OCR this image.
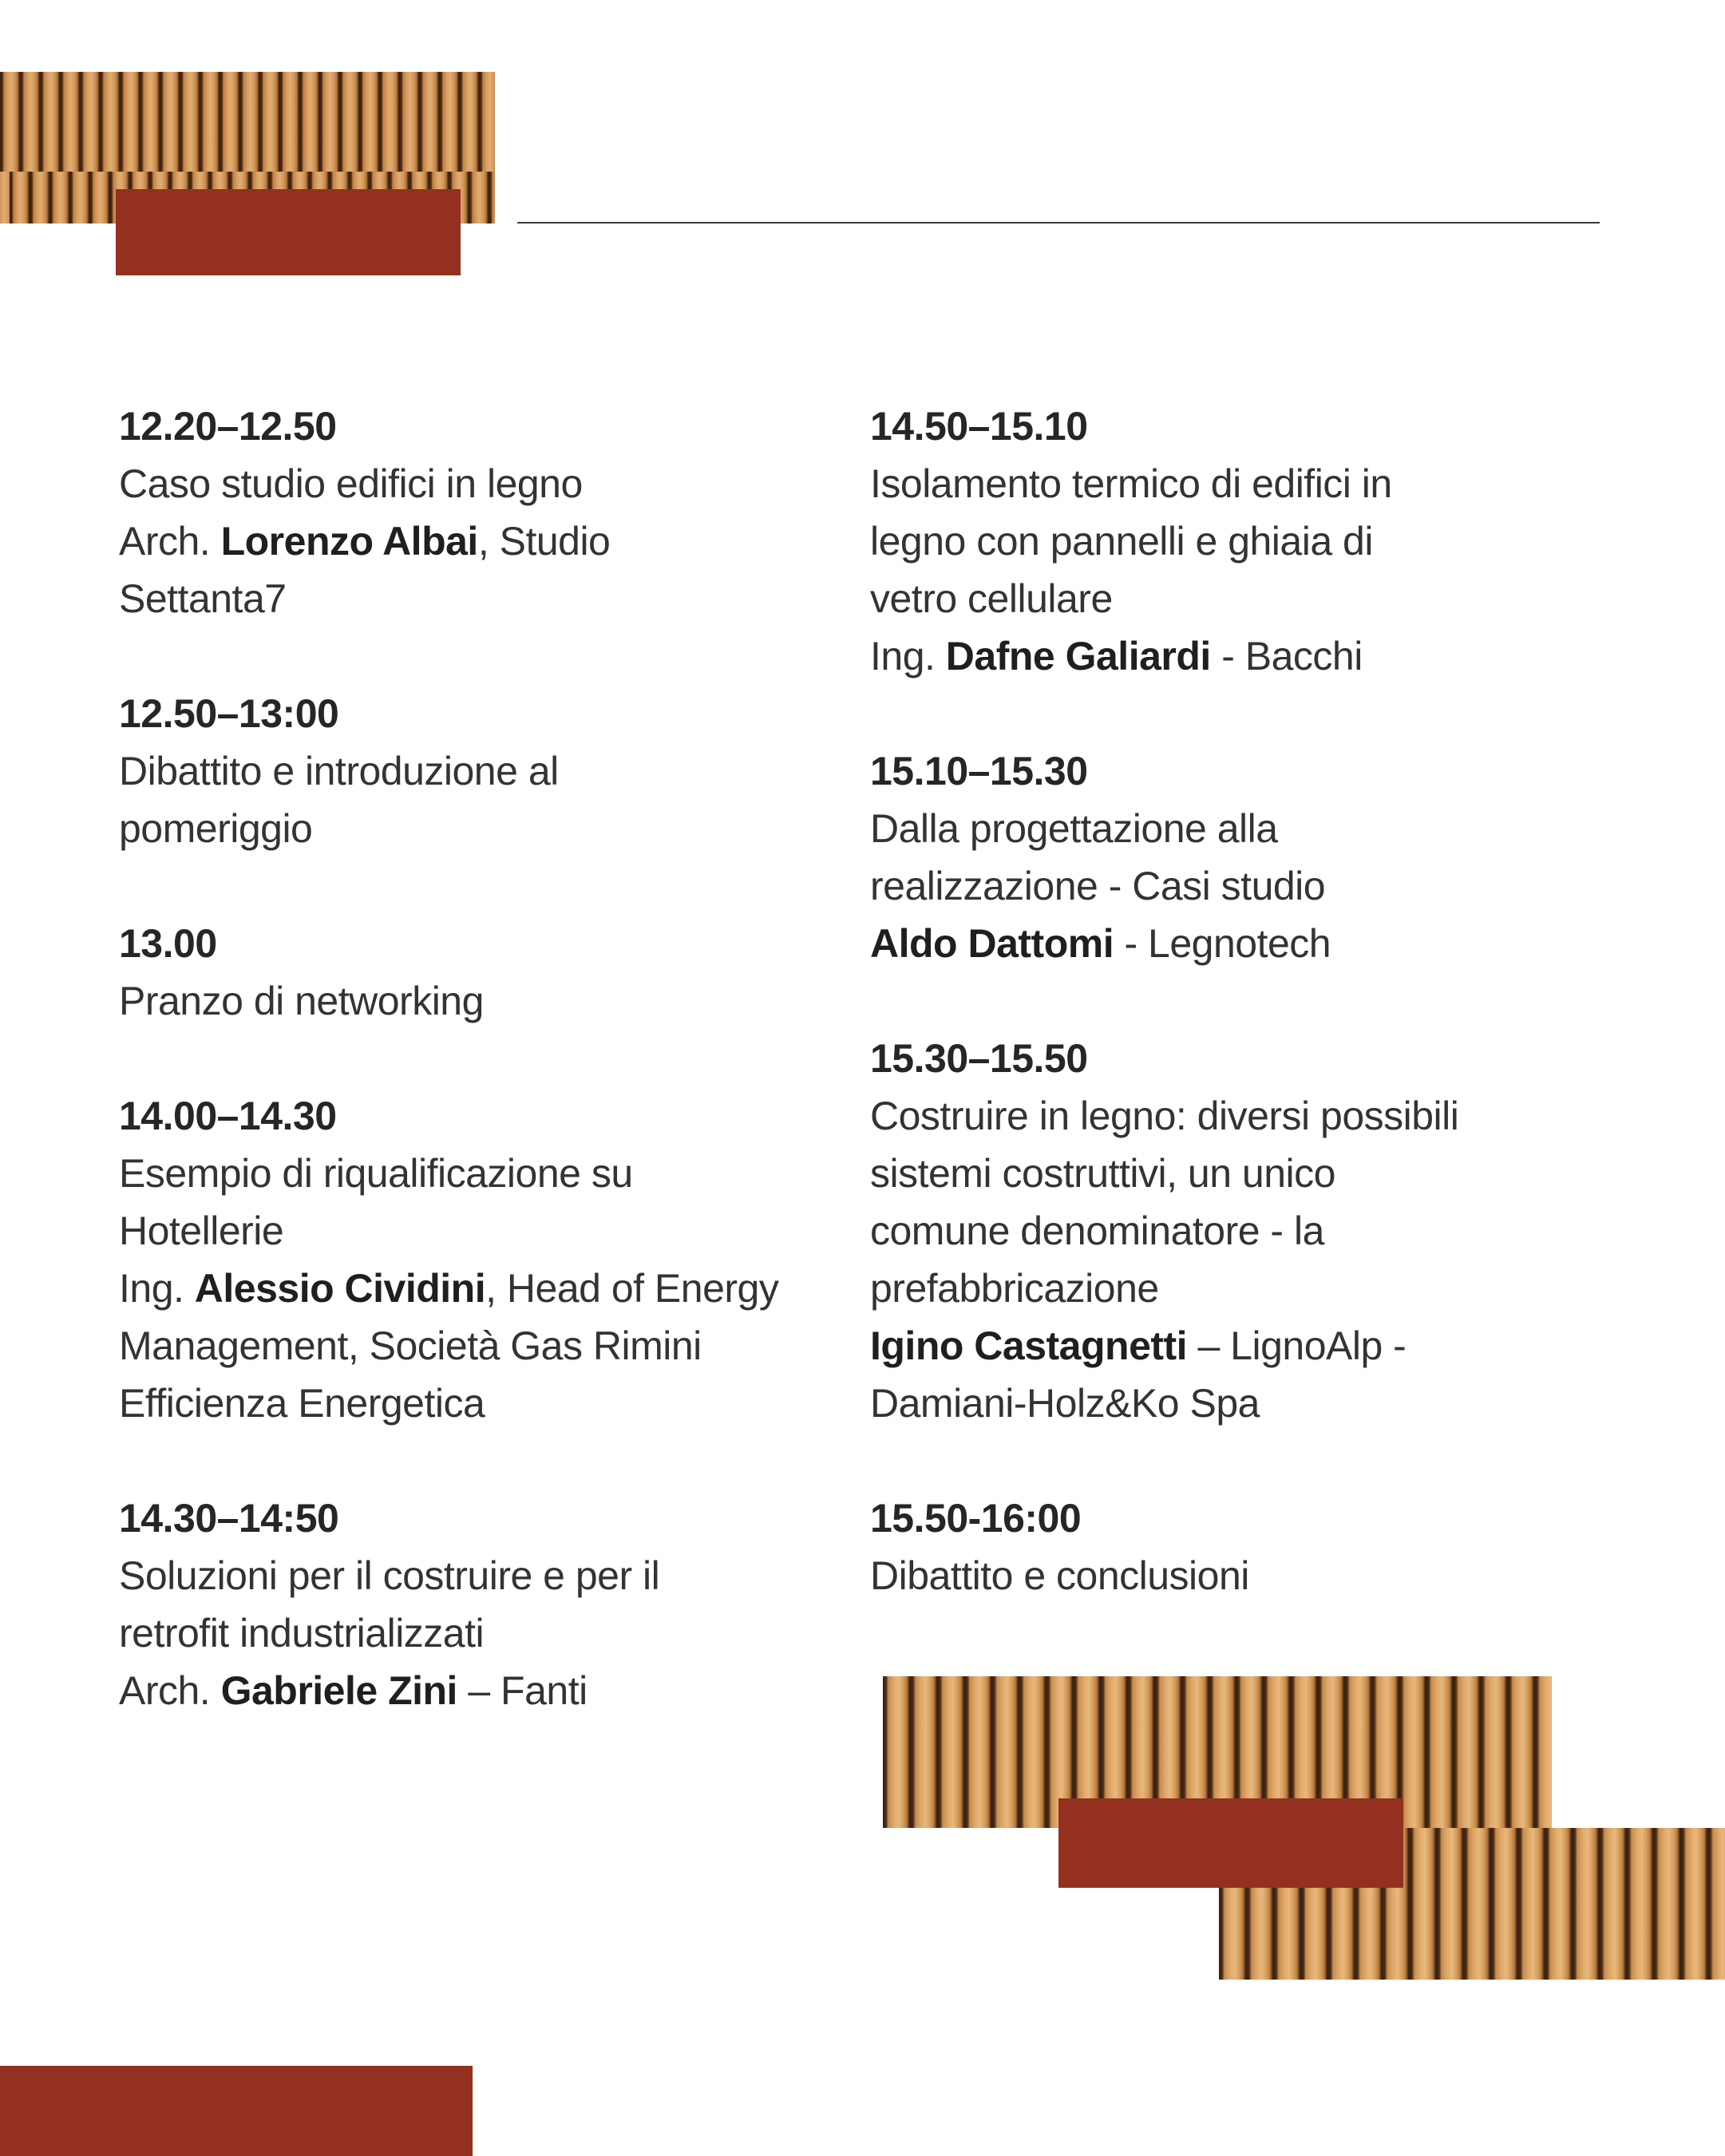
12.20–12.50
Caso studio edifici in legno
Arch. Lorenzo Albai, Studio
Settanta7
12.50–13:00
Dibattito e introduzione al
pomeriggio
13.00
Pranzo di networking
14.00–14.30
Esempio di riqualificazione su
Hotellerie
Ing. Alessio Cividini, Head of Energy
Management, Società Gas Rimini
Efficienza Energetica
14.30–14:50
Soluzioni per il costruire e per il
retrofit industrializzati
Arch. Gabriele Zini – Fanti
14.50–15.10
Isolamento termico di edifici in
legno con pannelli e ghiaia di
vetro cellulare
Ing. Dafne Galiardi - Bacchi
15.10–15.30
Dalla progettazione alla
realizzazione - Casi studio
Aldo Dattomi - Legnotech
15.30–15.50
Costruire in legno: diversi possibili
sistemi costruttivi, un unico
comune denominatore - la
prefabbricazione
Igino Castagnetti – LignoAlp -
Damiani-Holz&Ko Spa
15.50-16:00
Dibattito e conclusioni
